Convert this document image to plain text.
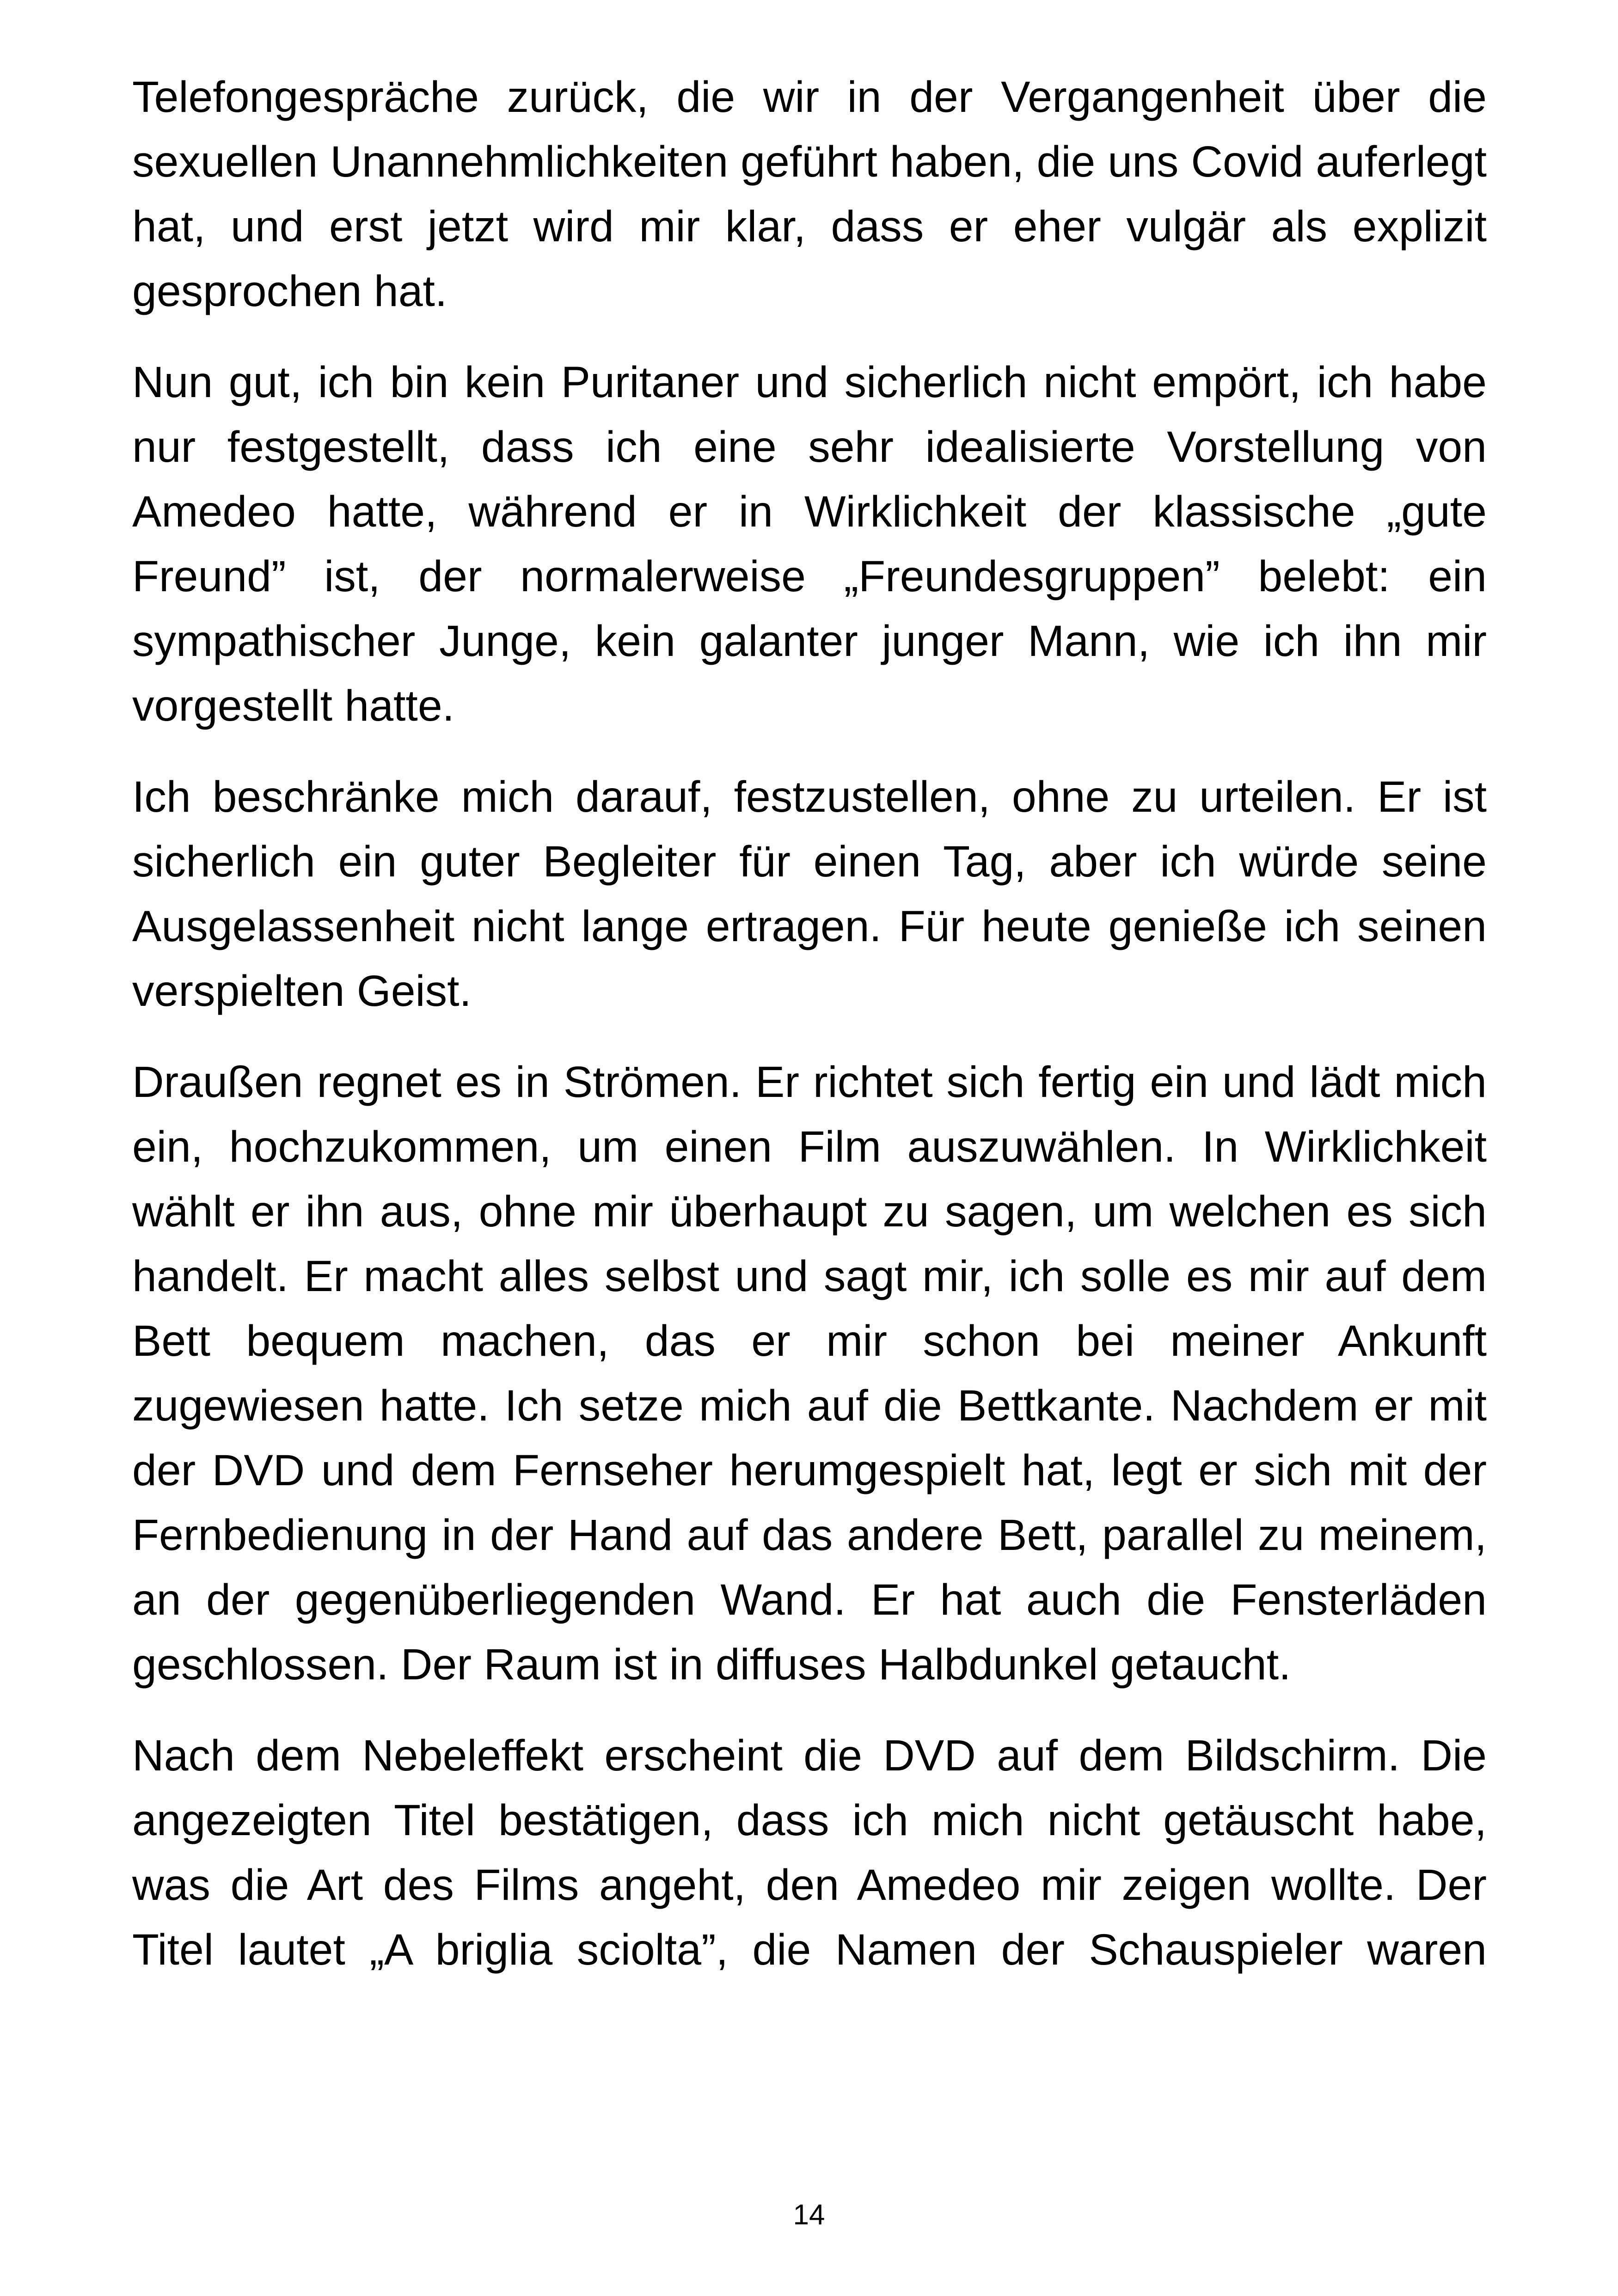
Telefongespräche zurück, die wir in der Vergangenheit über die sexuellen Unannehmlichkeiten geführt haben, die uns Covid auferlegt hat, und erst jetzt wird mir klar, dass er eher vulgär als explizit gesprochen hat.

Nun gut, ich bin kein Puritaner und sicherlich nicht empört, ich habe nur festgestellt, dass ich eine sehr idealisierte Vorstellung von Amedeo hatte, während er in Wirklichkeit der klassische „gute Freund” ist, der normalerweise „Freundesgruppen” belebt: ein sympathischer Junge, kein galanter junger Mann, wie ich ihn mir vorgestellt hatte.

Ich beschränke mich darauf, festzustellen, ohne zu urteilen. Er ist sicherlich ein guter Begleiter für einen Tag, aber ich würde seine Ausgelassenheit nicht lange ertragen. Für heute genieße ich seinen verspielten Geist.

Draußen regnet es in Strömen. Er richtet sich fertig ein und lädt mich ein, hochzukommen, um einen Film auszuwählen. In Wirklichkeit wählt er ihn aus, ohne mir überhaupt zu sagen, um welchen es sich handelt. Er macht alles selbst und sagt mir, ich solle es mir auf dem Bett bequem machen, das er mir schon bei meiner Ankunft zugewiesen hatte. Ich setze mich auf die Bettkante. Nachdem er mit der DVD und dem Fernseher herumgespielt hat, legt er sich mit der Fernbedienung in der Hand auf das andere Bett, parallel zu meinem, an der gegenüberliegenden Wand. Er hat auch die Fensterläden geschlossen. Der Raum ist in diffuses Halbdunkel getaucht.

Nach dem Nebeleffekt erscheint die DVD auf dem Bildschirm. Die angezeigten Titel bestätigen, dass ich mich nicht getäuscht habe, was die Art des Films angeht, den Amedeo mir zeigen wollte. Der Titel lautet „A briglia sciolta”, die Namen der Schauspieler waren

14
